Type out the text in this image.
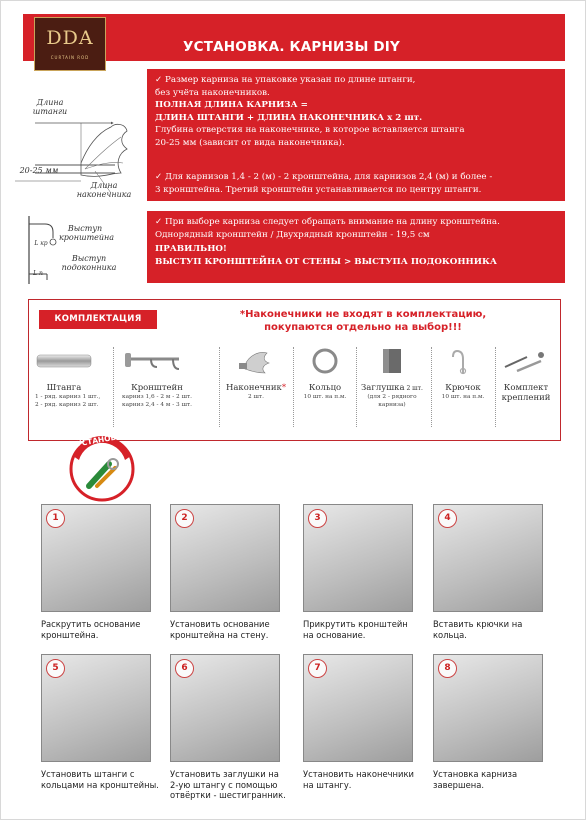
УСТАНОВКА. КАРНИЗЫ DIY
DDA
CURTAIN ROD
Длина штанги
20-25 мм
Длина наконечника
L кр
L п
Выступ кронштейна
Выступ подоконника

✓ Размер карниза на упаковке указан по длине штанги,

без учёта наконечников.

ПОЛНАЯ ДЛИНА КАРНИЗА =

ДЛИНА ШТАНГИ + ДЛИНА НАКОНЕЧНИКА х 2 шт.

Глубина отверстия на наконечнике, в которое вставляется штанга

20-25 мм (зависит от вида наконечника).

✓ Для карнизов 1,4 - 2 (м) - 2 кронштейна, для карнизов 2,4 (м) и более -

3 кронштейна. Третий кронштейн устанавливается по центру штанги.

✓ При выборе карниза следует обращать внимание на длину кронштейна.

Однорядный кронштейн / Двухрядный кронштейн - 19,5 см

ПРАВИЛЬНО!

ВЫСТУП КРОНШТЕЙНА ОТ СТЕНЫ > ВЫСТУПА ПОДОКОННИКА

КОМПЛЕКТАЦИЯ	*Наконечники не входят в комплектацию,
покупаются отдельно на выбор!!!
Штанга
1 - ряд. карниз 1 шт.,
2 - ряд. карниз 2 шт.
Кронштейн
карниз 1,6 - 2 м - 2 шт.
карниз 2,4 - 4 м - 3 шт.
Наконечник*
2 шт.
Кольцо
10 шт. на п.м.
Заглушка 2 шт.
(для 2 - рядного
карниза)
Крючок
10 шт. на п.м.
Комплект
креплений
УСТАНОВКА
1	2	3	4
Раскрутить основание
кронштейна.
Установить основание
кронштейна на стену.
Прикрутить кронштейн
на основание.
Вставить крючки на
кольца.
5	6	7	8
Установить штанги с
кольцами на кронштейны.
Установить заглушки на
2-ую штангу с помощью
отвёртки - шестигранник.
Установить наконечники
на штангу.
Установка карниза
завершена.
